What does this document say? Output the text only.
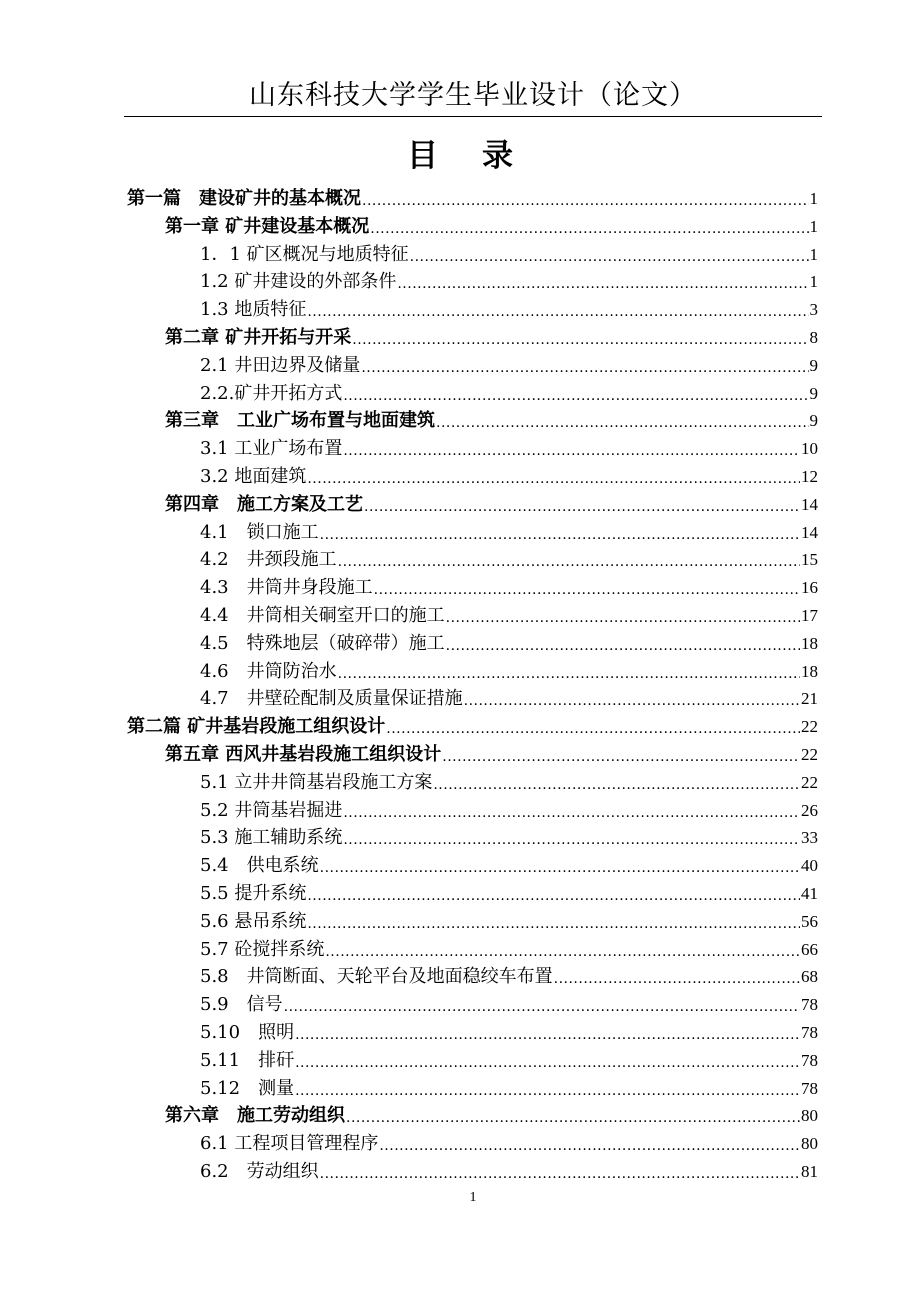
山东科技大学学生毕业设计（论文）
目 录
第一篇　建设矿井的基本概况 .....	1
第一章 矿井建设基本概况 .....	1
1．1 矿区概况与地质特征 .....	1
1.2 矿井建设的外部条件 .....	1
1.3 地质特征 .....	3
第二章 矿井开拓与开采 .....	8
2.1 井田边界及储量 .....	9
2.2.矿井开拓方式 .....	9
第三章　工业广场布置与地面建筑 .....	9
3.1 工业广场布置 .....	10
3.2 地面建筑 .....	12
第四章　施工方案及工艺 .....	14
4.1　锁口施工 .....	14
4.2　井颈段施工 .....	15
4.3　井筒井身段施工 .....	16
4.4　井筒相关硐室开口的施工 .....	17
4.5　特殊地层（破碎带）施工 .....	18
4.6　井筒防治水 .....	18
4.7　井壁砼配制及质量保证措施 .....	21
第二篇 矿井基岩段施工组织设计 .....	22
第五章 西风井基岩段施工组织设计 .....	22
5.1 立井井筒基岩段施工方案 .....	22
5.2 井筒基岩掘进 .....	26
5.3 施工辅助系统 .....	33
5.4　供电系统 .....	40
5.5 提升系统 .....	41
5.6 悬吊系统 .....	56
5.7 砼搅拌系统 .....	66
5.8　井筒断面、天轮平台及地面稳绞车布置 .....	68
5.9　信号 .....	78
5.10　照明 .....	78
5.11　排矸 .....	78
5.12　测量 .....	78
第六章　施工劳动组织 .....	80
6.1 工程项目管理程序 .....	80
6.2　劳动组织 .....	81
1
